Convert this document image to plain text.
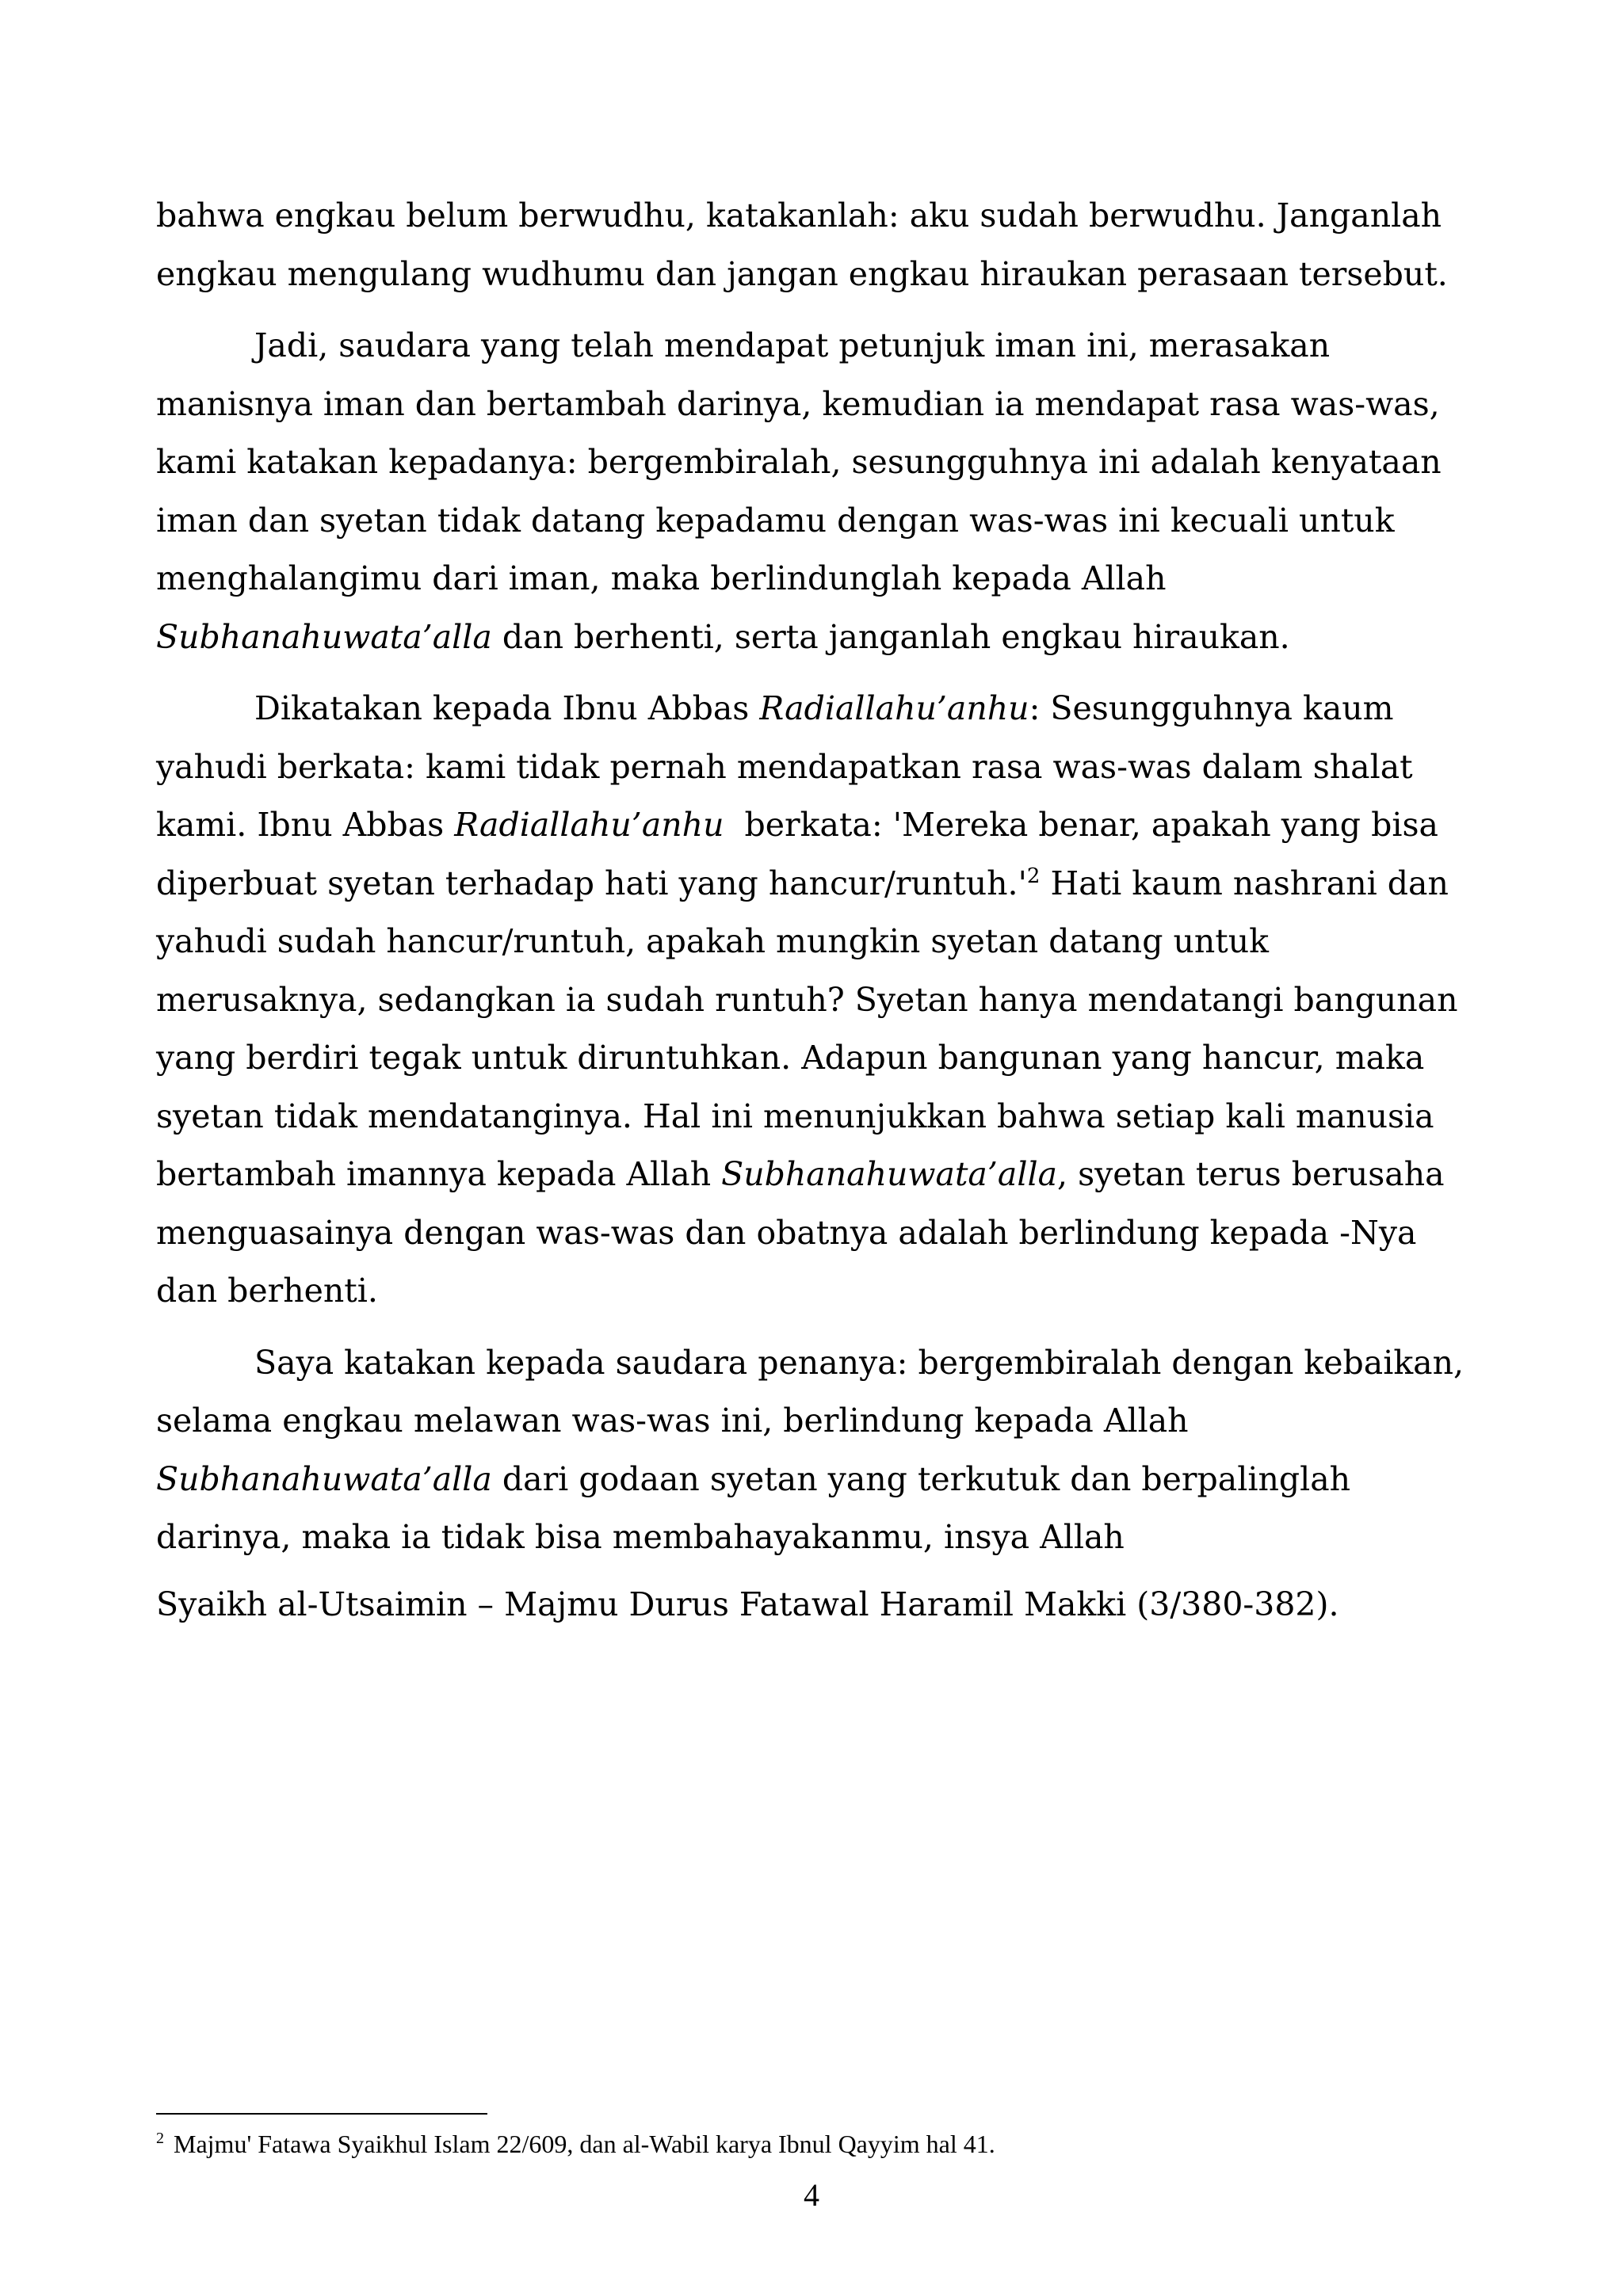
bahwa engkau belum berwudhu, katakanlah: aku sudah berwudhu. Janganlah
engkau mengulang wudhumu dan jangan engkau hiraukan perasaan tersebut.
Jadi, saudara yang telah mendapat petunjuk iman ini, merasakan
manisnya iman dan bertambah darinya, kemudian ia mendapat rasa was-was,
kami katakan kepadanya: bergembiralah, sesungguhnya ini adalah kenyataan
iman dan syetan tidak datang kepadamu dengan was-was ini kecuali untuk
menghalangimu dari iman, maka berlindunglah kepada Allah
Subhanahuwata’alla dan berhenti, serta janganlah engkau hiraukan.
Dikatakan kepada Ibnu Abbas Radiallahu’anhu: Sesungguhnya kaum
yahudi berkata: kami tidak pernah mendapatkan rasa was-was dalam shalat
kami. Ibnu Abbas Radiallahu’anhu  berkata: 'Mereka benar, apakah yang bisa
diperbuat syetan terhadap hati yang hancur/$runtuh.'^2$ Hati kaum nashrani dan
yahudi sudah hancur/runtuh, apakah mungkin syetan datang untuk
merusaknya, sedangkan ia sudah runtuh? Syetan hanya mendatangi bangunan
yang berdiri tegak untuk diruntuhkan. Adapun bangunan yang hancur, maka
syetan tidak mendatanginya. Hal ini menunjukkan bahwa setiap kali manusia
bertambah imannya kepada Allah Subhanahuwata’alla, syetan terus berusaha
menguasainya dengan was-was dan obatnya adalah berlindung kepada -Nya
dan berhenti.
Saya katakan kepada saudara penanya: bergembiralah dengan kebaikan,
selama engkau melawan was-was ini, berlindung kepada Allah
Subhanahuwata’alla dari godaan syetan yang terkutuk dan berpalinglah
darinya, maka ia tidak bisa membahayakanmu, insya Allah
Syaikh al-Utsaimin – Majmu Durus Fatawal Haramil Makki (3/380-382).
$^2$ Majmu' Fatawa Syaikhul Islam 22/609, dan al-Wabil karya Ibnul Qayyim hal 41.
4
